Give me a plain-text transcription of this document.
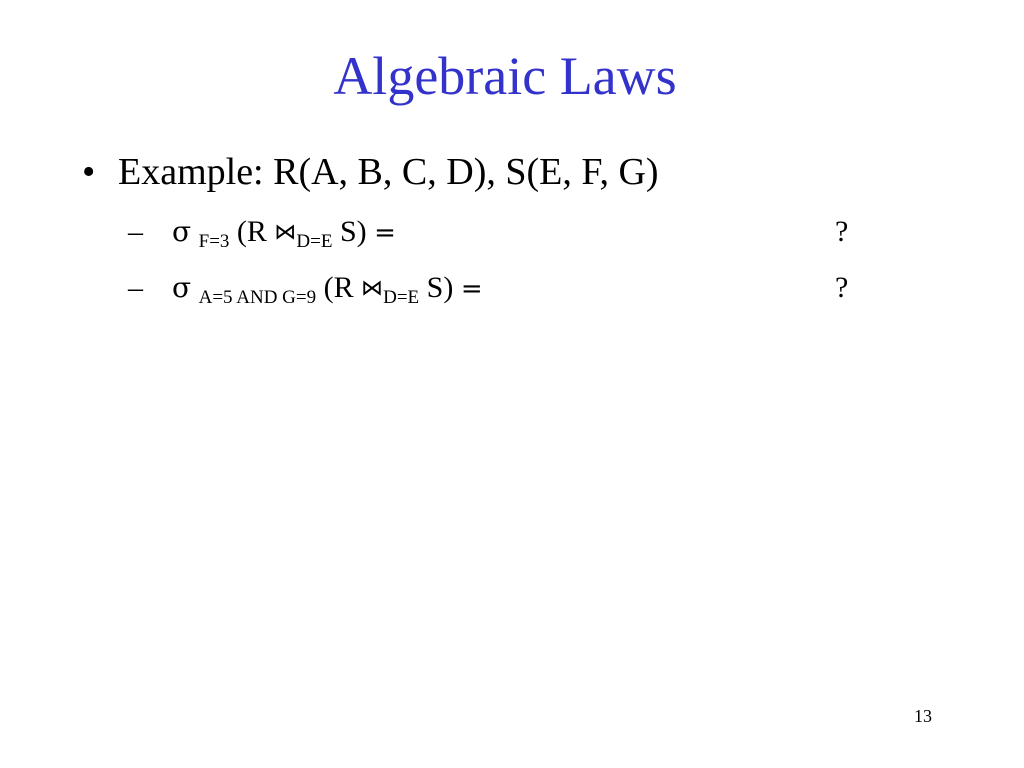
Algebraic Laws
• Example: R(A, B, C, D), S(E, F, G)
– σ $_{F=3}$ (R $⋈_{D=E}$ S) =	?
– σ $_{A=5 AND G=9}$ (R $⋈_{D=E}$ S) =	?
13
